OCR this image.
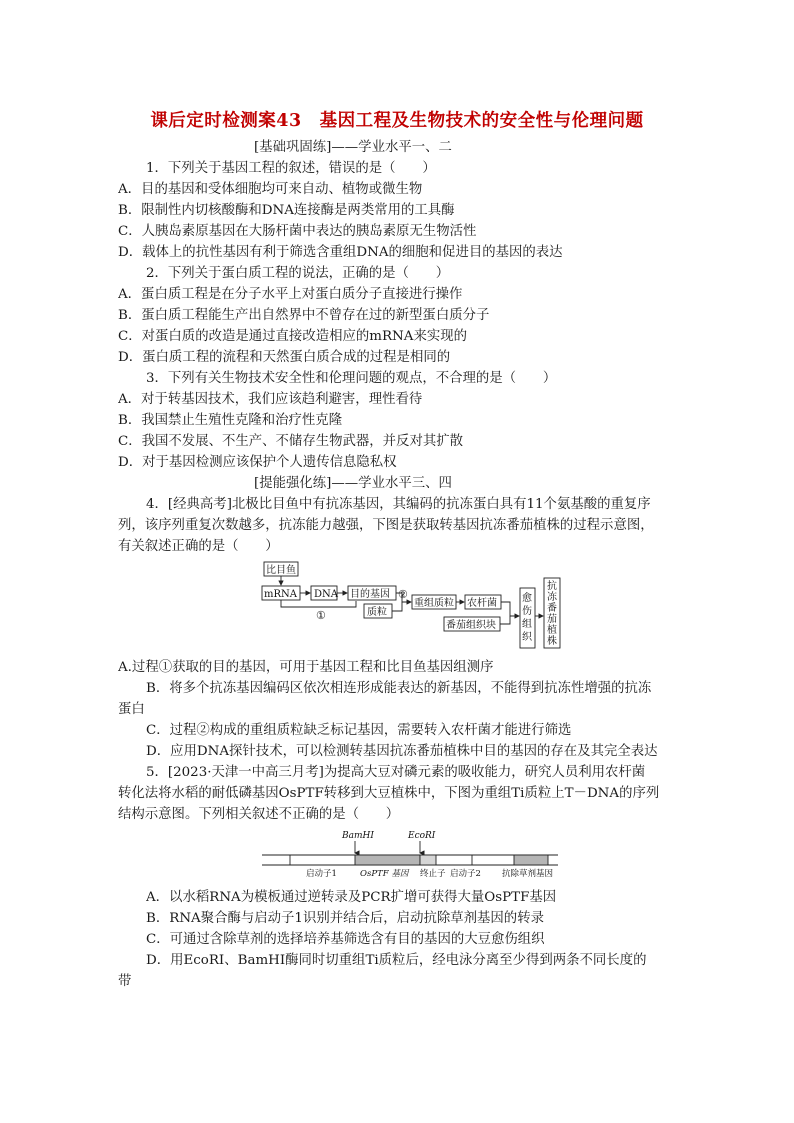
课后定时检测案43　基因工程及生物技术的安全性与伦理问题
[基础巩固练]——学业水平一、二
1．下列关于基因工程的叙述，错误的是（　　）
A．目的基因和受体细胞均可来自动、植物或微生物
B．限制性内切核酸酶和DNA连接酶是两类常用的工具酶
C．人胰岛素原基因在大肠杆菌中表达的胰岛素原无生物活性
D．载体上的抗性基因有利于筛选含重组DNA的细胞和促进目的基因的表达
2．下列关于蛋白质工程的说法，正确的是（　　）
A．蛋白质工程是在分子水平上对蛋白质分子直接进行操作
B．蛋白质工程能生产出自然界中不曾存在过的新型蛋白质分子
C．对蛋白质的改造是通过直接改造相应的mRNA来实现的
D．蛋白质工程的流程和天然蛋白质合成的过程是相同的
3．下列有关生物技术安全性和伦理问题的观点，不合理的是（　　）
A．对于转基因技术，我们应该趋利避害，理性看待
B．我国禁止生殖性克隆和治疗性克隆
C．我国不发展、不生产、不储存生物武器，并反对其扩散
D．对于基因检测应该保护个人遗传信息隐私权
[提能强化练]——学业水平三、四
4．[经典高考]北极比目鱼中有抗冻基因，其编码的抗冻蛋白具有11个氨基酸的重复序
列，该序列重复次数越多，抗冻能力越强，下图是获取转基因抗冻番茄植株的过程示意图，
有关叙述正确的是（　　）
比目鱼
mRNA DNA 目的基因
质粒
①
②
重组质粒 农杆菌
番茄组织块
愈
伤
组
织
抗
冻
番
茄
植
株
A.过程①获取的目的基因，可用于基因工程和比目鱼基因组测序
B．将多个抗冻基因编码区依次相连形成能表达的新基因，不能得到抗冻性增强的抗冻
蛋白
C．过程②构成的重组质粒缺乏标记基因，需要转入农杆菌才能进行筛选
D．应用DNA探针技术，可以检测转基因抗冻番茄植株中目的基因的存在及其完全表达
5．[2023·天津一中高三月考]为提高大豆对磷元素的吸收能力，研究人员利用农杆菌
转化法将水稻的耐低磷基因OsPTF转移到大豆植株中，下图为重组Ti质粒上T－DNA的序列
结构示意图。下列相关叙述不正确的是（　　）
BamHⅠ	EcoRⅠ
启动子1	OsPTF 基因 终止子 启动子2 抗除草剂基因
A．以水稻RNA为模板通过逆转录及PCR扩增可获得大量OsPTF基因
B．RNA聚合酶与启动子1识别并结合后，启动抗除草剂基因的转录
C．可通过含除草剂的选择培养基筛选含有目的基因的大豆愈伤组织
D．用EcoRⅠ、BamHⅠ酶同时切重组Ti质粒后，经电泳分离至少得到两条不同长度的
带
